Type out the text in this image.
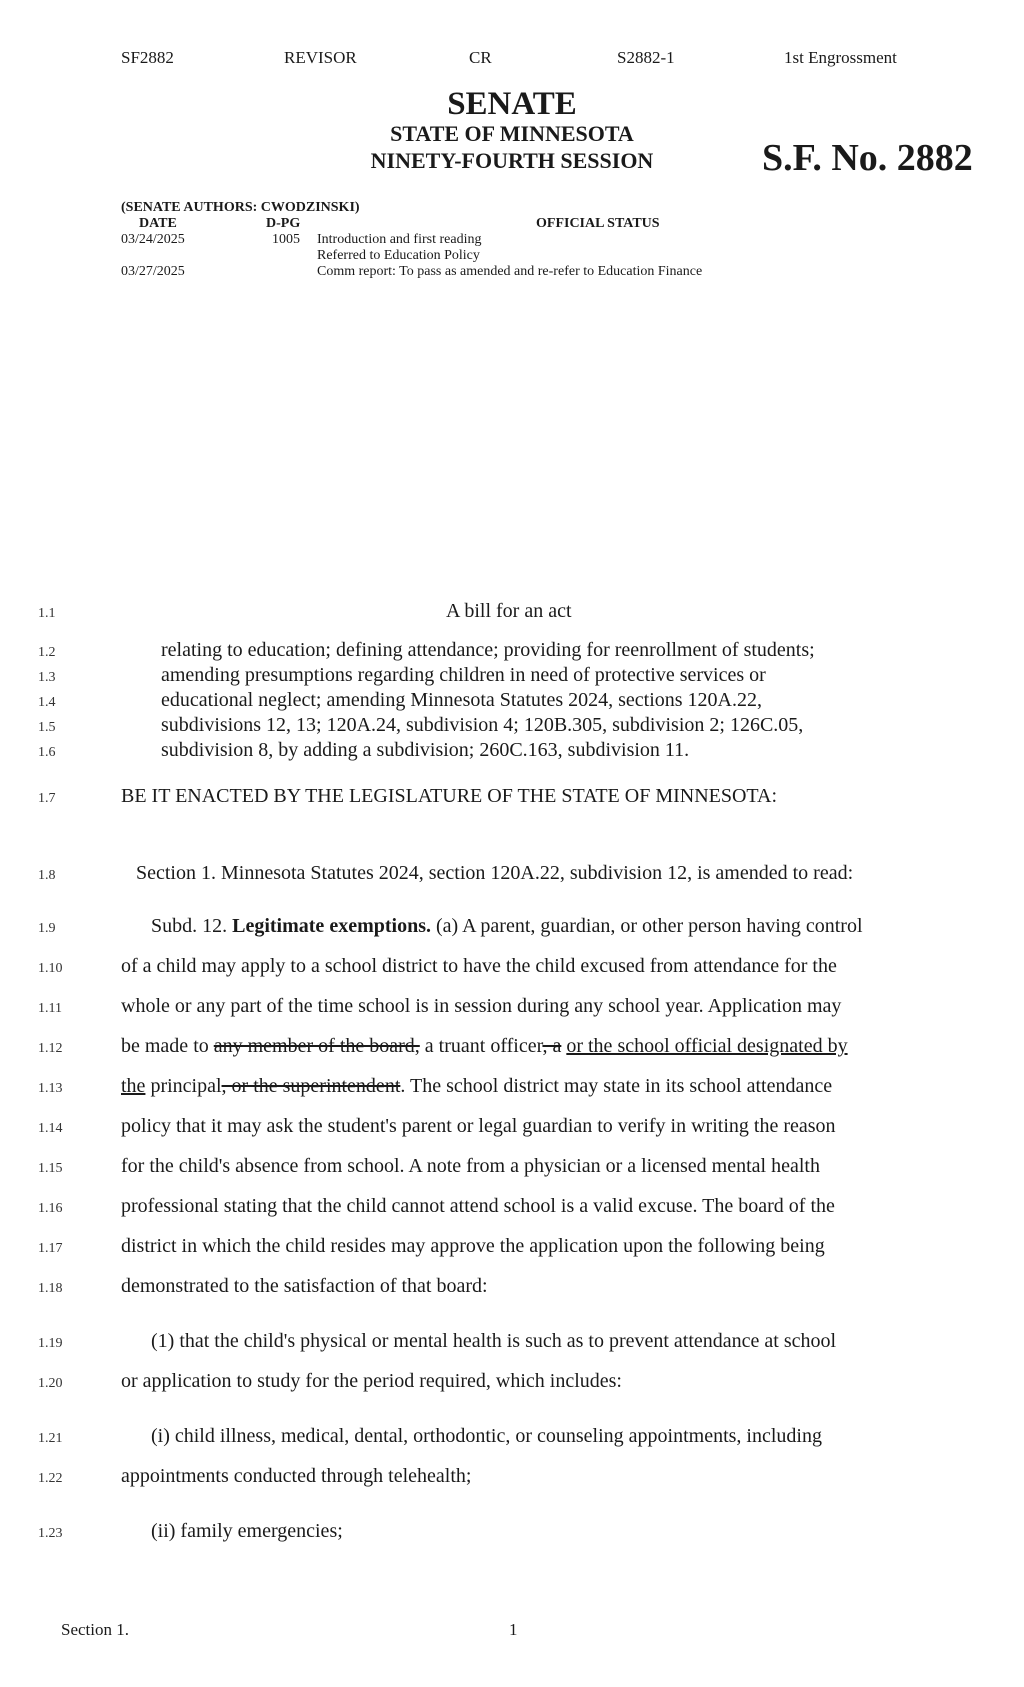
SF2882	REVISOR	CR	S2882-1	1st Engrossment
SENATE
STATE OF MINNESOTA
NINETY-FOURTH SESSION	S.F. No. 2882
(SENATE AUTHORS: CWODZINSKI)
DATE	D-PG	OFFICIAL STATUS
03/24/2025	1005 Introduction and first reading
Referred to Education Policy
03/27/2025	Comm report: To pass as amended and re-refer to Education Finance
1.1	A bill for an act
1.2	relating to education; defining attendance; providing for reenrollment of students;
1.3	amending presumptions regarding children in need of protective services or
1.4	educational neglect; amending Minnesota Statutes 2024, sections 120A.22,
1.5	subdivisions 12, 13; 120A.24, subdivision 4; 120B.305, subdivision 2; 126C.05,
1.6	subdivision 8, by adding a subdivision; 260C.163, subdivision 11.
1.7	BE IT ENACTED BY THE LEGISLATURE OF THE STATE OF MINNESOTA:
1.8	Section 1. Minnesota Statutes 2024, section 120A.22, subdivision 12, is amended to read:
1.9	Subd. 12. Legitimate exemptions. (a) A parent, guardian, or other person having control
1.10	of a child may apply to a school district to have the child excused from attendance for the
1.11	whole or any part of the time school is in session during any school year. Application may
1.12	be made to any member of the board, a truant officer, a or the school official designated by
1.13	the principal, or the superintendent. The school district may state in its school attendance
1.14	policy that it may ask the student's parent or legal guardian to verify in writing the reason
1.15	for the child's absence from school. A note from a physician or a licensed mental health
1.16	professional stating that the child cannot attend school is a valid excuse. The board of the
1.17	district in which the child resides may approve the application upon the following being
1.18	demonstrated to the satisfaction of that board:
1.19	(1) that the child's physical or mental health is such as to prevent attendance at school
1.20	or application to study for the period required, which includes:
1.21	(i) child illness, medical, dental, orthodontic, or counseling appointments, including
1.22	appointments conducted through telehealth;
1.23	(ii) family emergencies;
Section 1.	1
